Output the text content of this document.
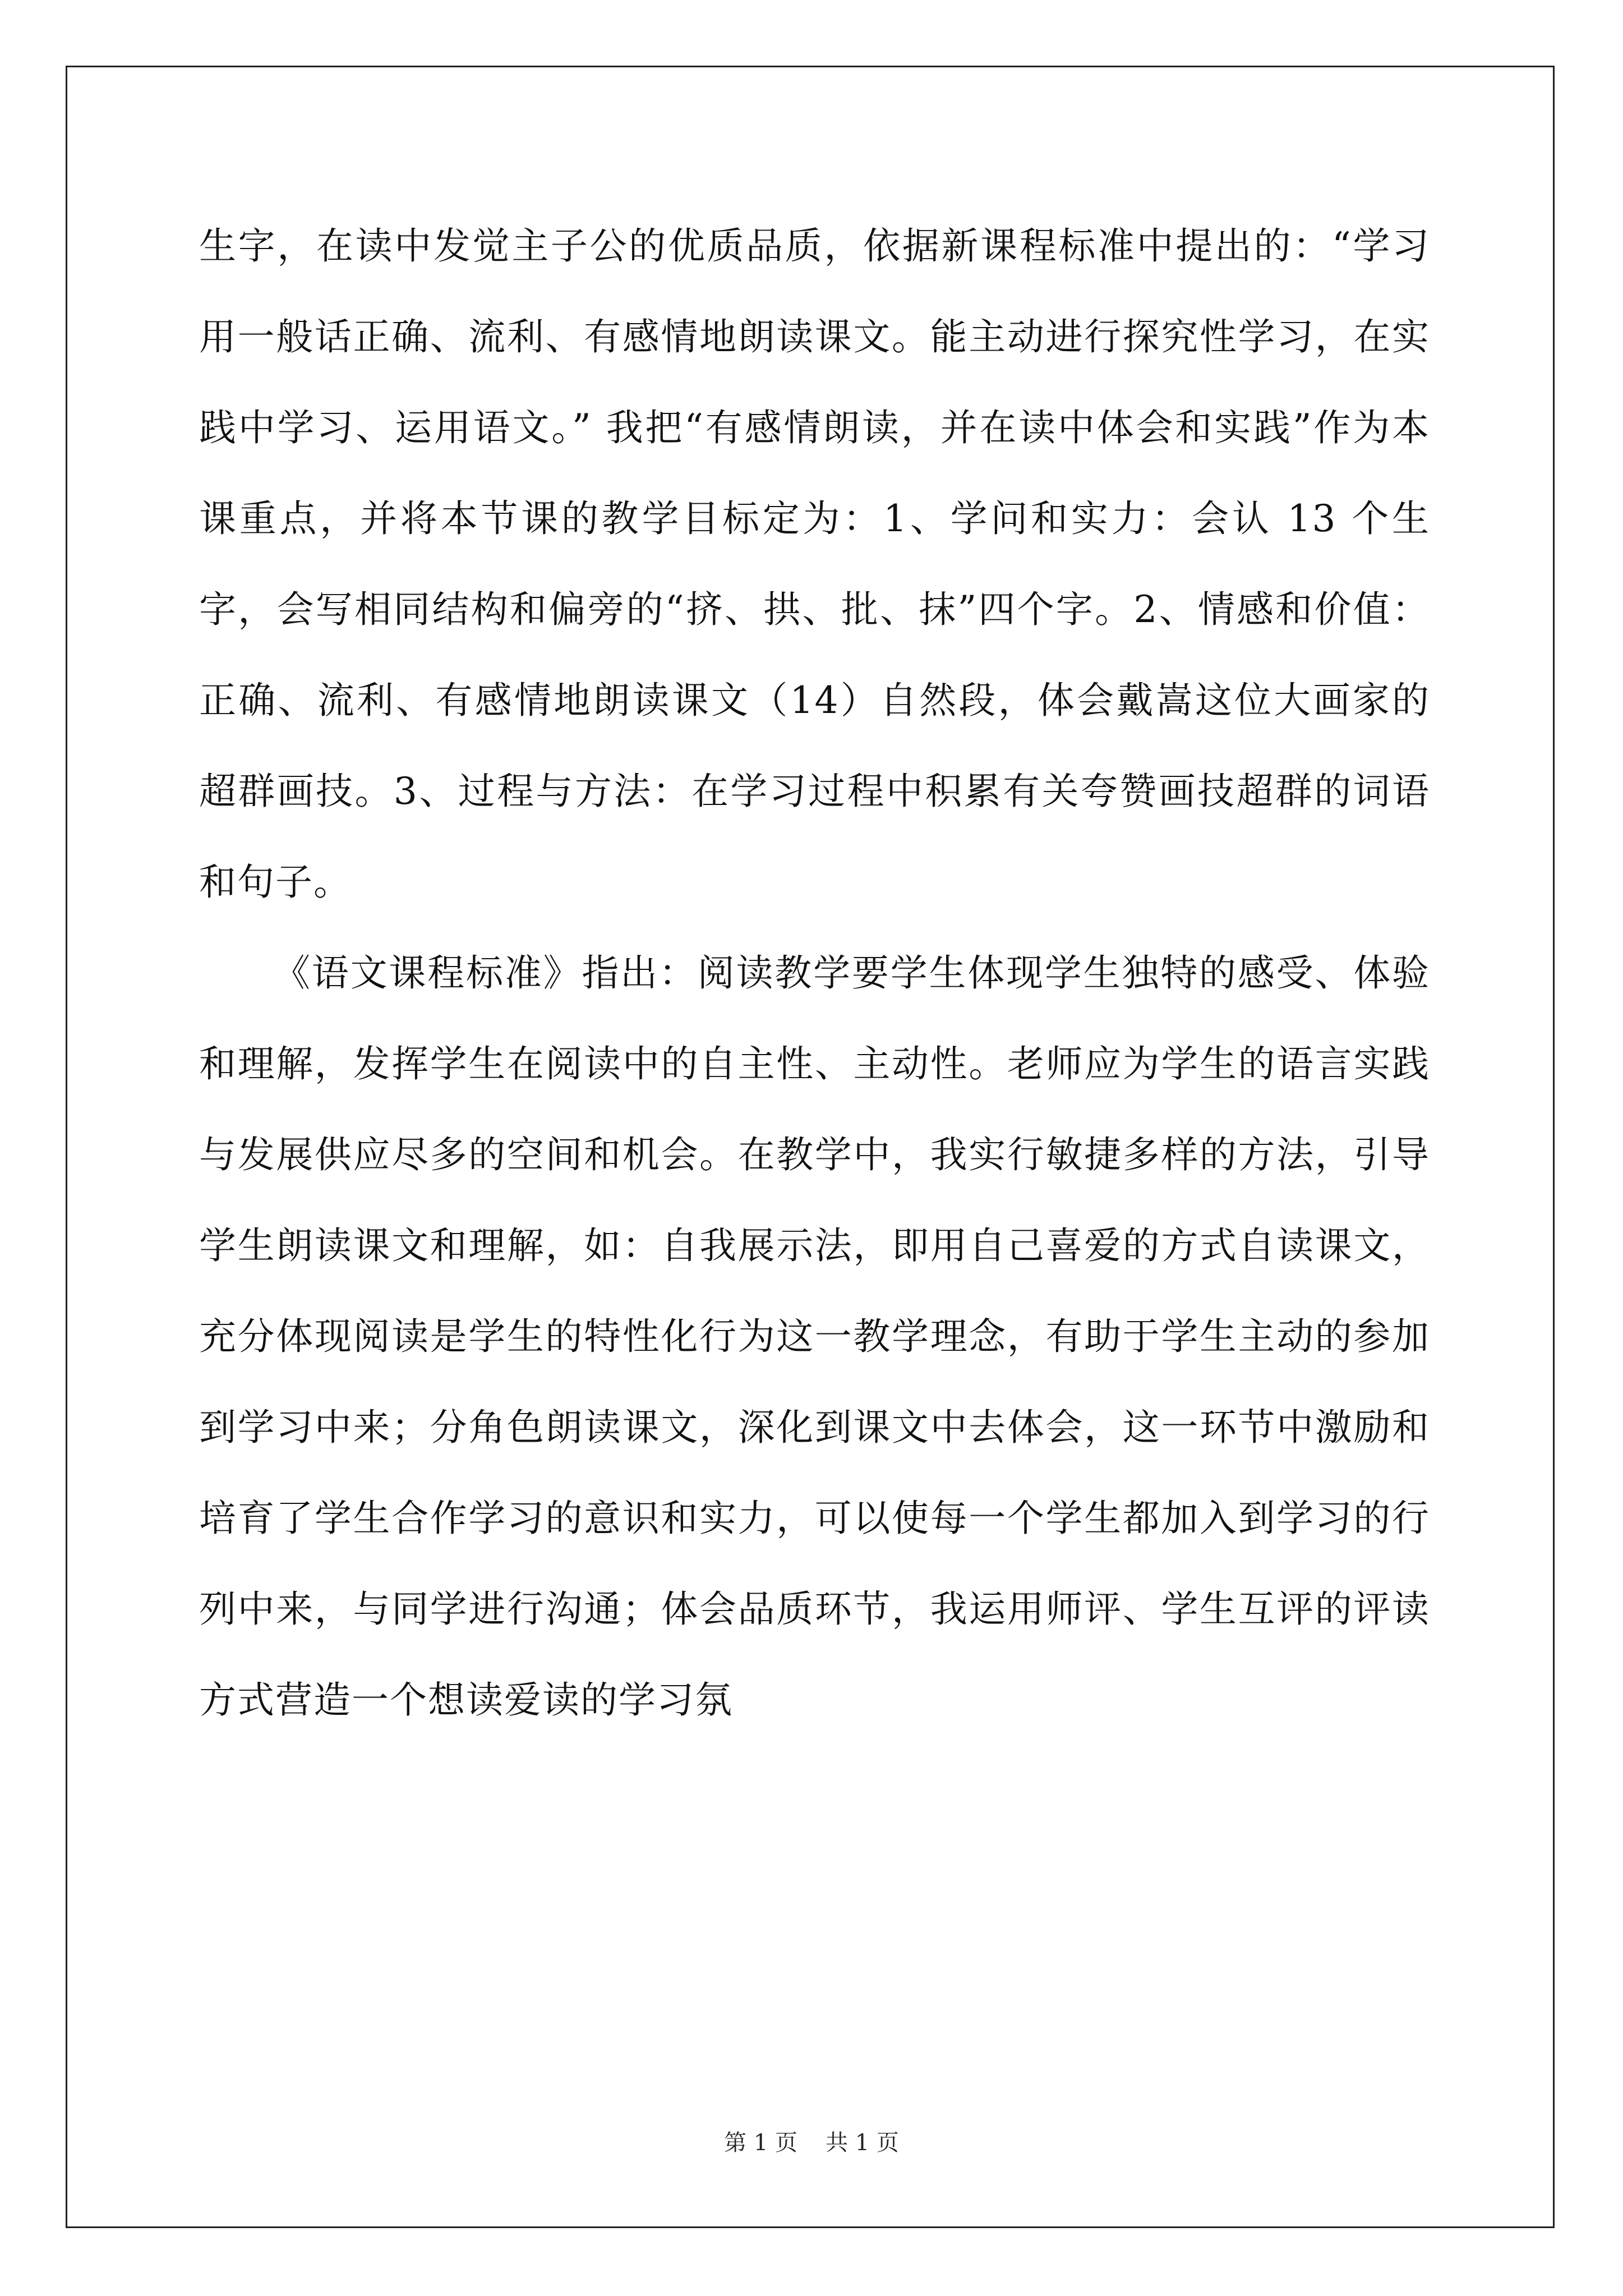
生字，在读中发觉主子公的优质品质，依据新课程标准中提出的：“学习用一般话正确、流利、有感情地朗读课文。能主动进行探究性学习，在实践中学习、运用语文。” 我把“有感情朗读，并在读中体会和实践”作为本课重点，并将本节课的教学目标定为：1、学问和实力：会认 13 个生字，会写相同结构和偏旁的“挤、拱、批、抹”四个字。2、情感和价值：正确、流利、有感情地朗读课文（14）自然段，体会戴嵩这位大画家的超群画技。3、过程与方法：在学习过程中积累有关夸赞画技超群的词语和句子。

《语文课程标准》指出：阅读教学要学生体现学生独特的感受、体验和理解，发挥学生在阅读中的自主性、主动性。老师应为学生的语言实践与发展供应尽多的空间和机会。在教学中，我实行敏捷多样的方法，引导学生朗读课文和理解，如：自我展示法，即用自己喜爱的方式自读课文，充分体现阅读是学生的特性化行为这一教学理念，有助于学生主动的参加到学习中来；分角色朗读课文，深化到课文中去体会，这一环节中激励和培育了学生合作学习的意识和实力，可以使每一个学生都加入到学习的行列中来，与同学进行沟通；体会品质环节，我运用师评、学生互评的评读方式营造一个想读爱读的学习氛

第 1 页 共 1 页
